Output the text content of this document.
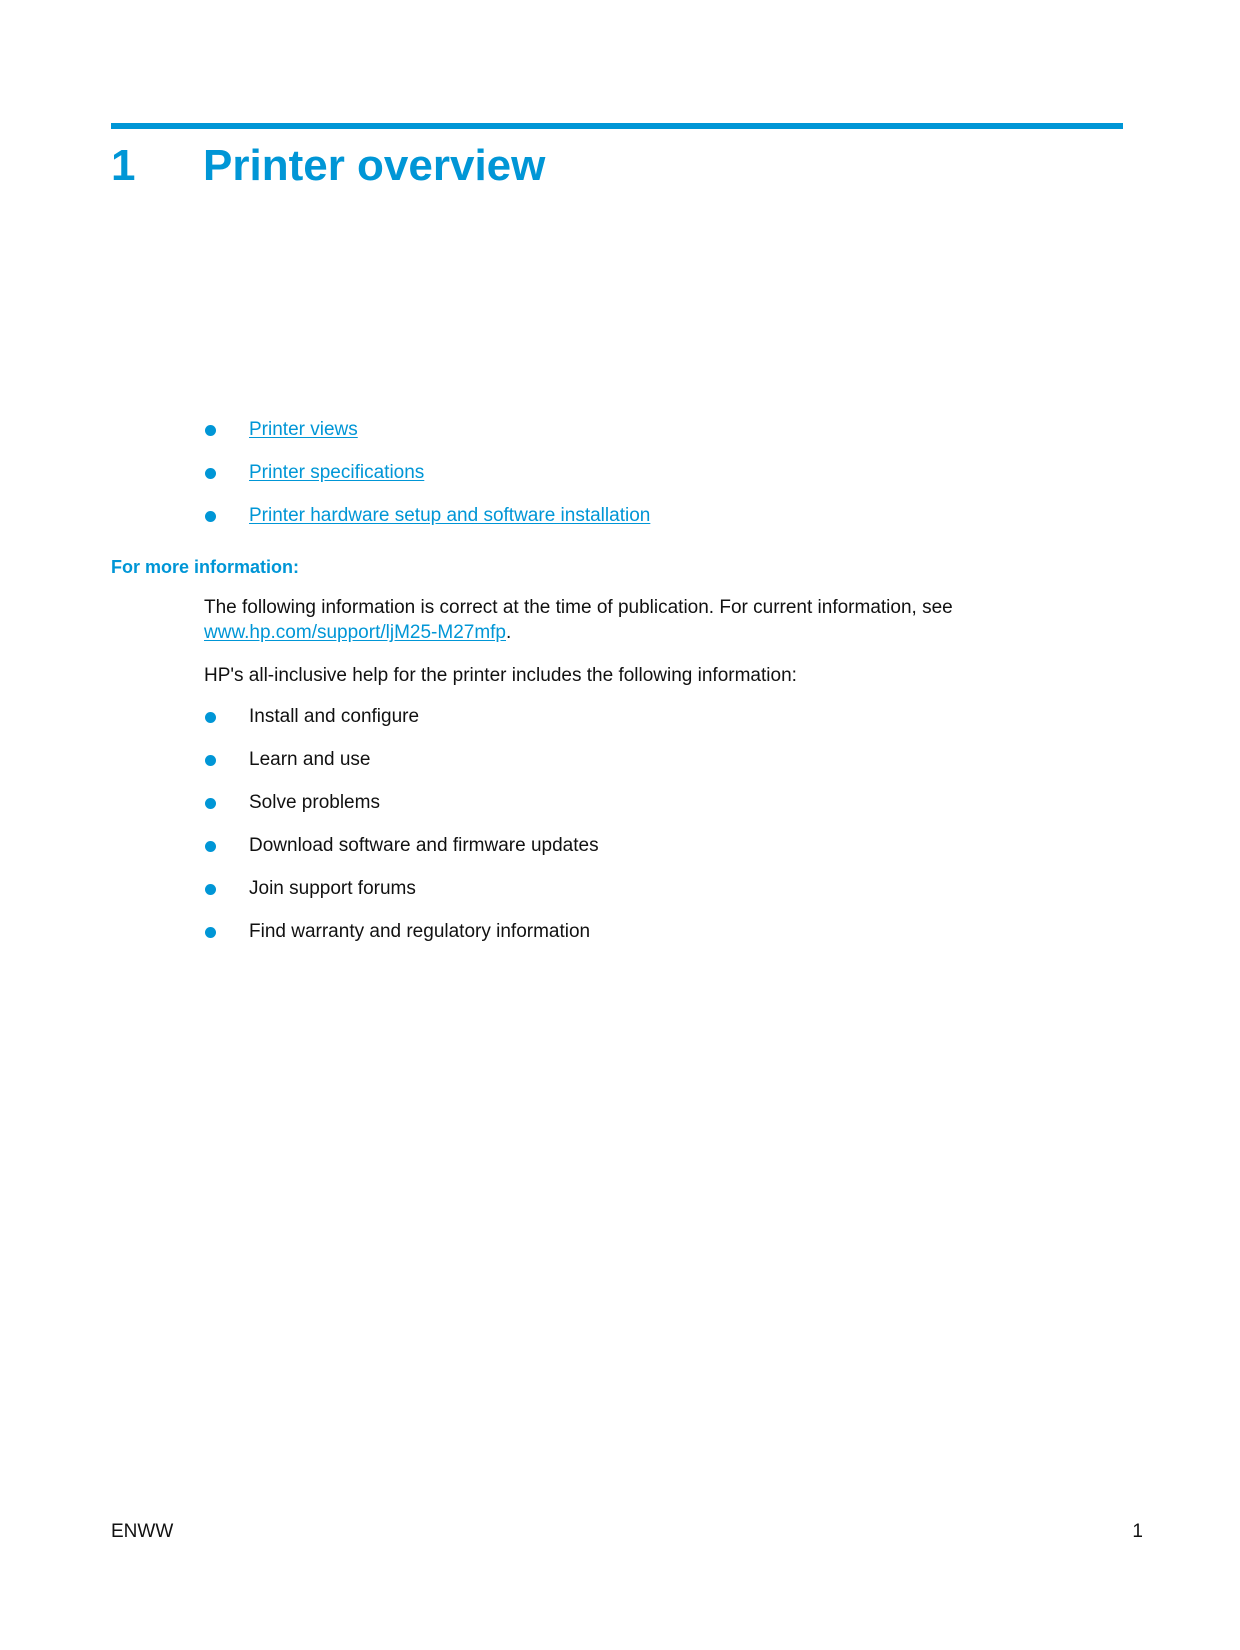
1 Printer overview
Printer views
Printer specifications
Printer hardware setup and software installation
For more information:

The following information is correct at the time of publication. For current information, see www.hp.com/support/ljM25-M27mfp.

HP's all-inclusive help for the printer includes the following information:

Install and configure
Learn and use
Solve problems
Download software and firmware updates
Join support forums
Find warranty and regulatory information
ENWW	1
